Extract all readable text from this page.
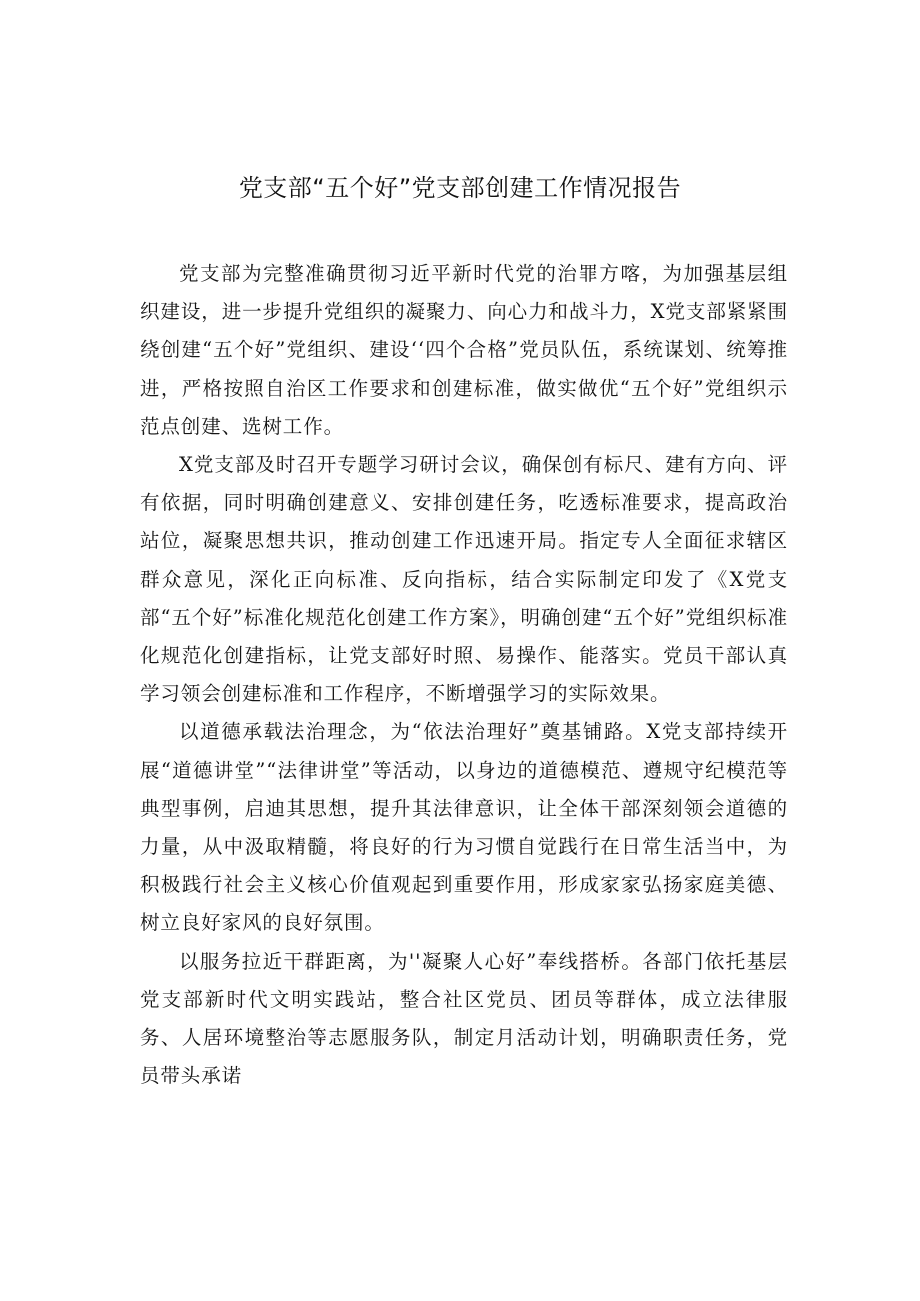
党支部“五个好”党支部创建工作情况报告

党支部为完整准确贯彻习近平新时代党的治罪方喀，为加强基层组织建设，进一步提升党组织的凝聚力、向心力和战斗力，X党支部紧紧围绕创建“五个好”党组织、建设‘‘四个合格”党员队伍，系统谋划、统筹推进，严格按照自治区工作要求和创建标准，做实做优“五个好”党组织示范点创建、选树工作。

X党支部及时召开专题学习研讨会议，确保创有标尺、建有方向、评有依据，同时明确创建意义、安排创建任务，吃透标准要求，提高政治站位，凝聚思想共识，推动创建工作迅速开局。指定专人全面征求辖区群众意见，深化正向标准、反向指标，结合实际制定印发了《X党支部“五个好”标准化规范化创建工作方案》，明确创建“五个好”党组织标准化规范化创建指标，让党支部好时照、易操作、能落实。党员干部认真学习领会创建标准和工作程序，不断增强学习的实际效果。

以道德承载法治理念，为“依法治理好”奠基铺路。X党支部持续开展“道德讲堂”“法律讲堂”等活动，以身边的道德模范、遵规守纪模范等典型事例，启迪其思想，提升其法律意识，让全体干部深刻领会道德的力量，从中汲取精髓，将良好的行为习惯自觉践行在日常生活当中，为积极践行社会主义核心价值观起到重要作用，形成家家弘扬家庭美德、树立良好家风的良好氛围。

以服务拉近干群距离，为''凝聚人心好”奉线搭桥。各部门依托基层党支部新时代文明实践站，整合社区党员、团员等群体，成立法律服务、人居环境整治等志愿服务队，制定月活动计划，明确职责任务，党员带头承诺
